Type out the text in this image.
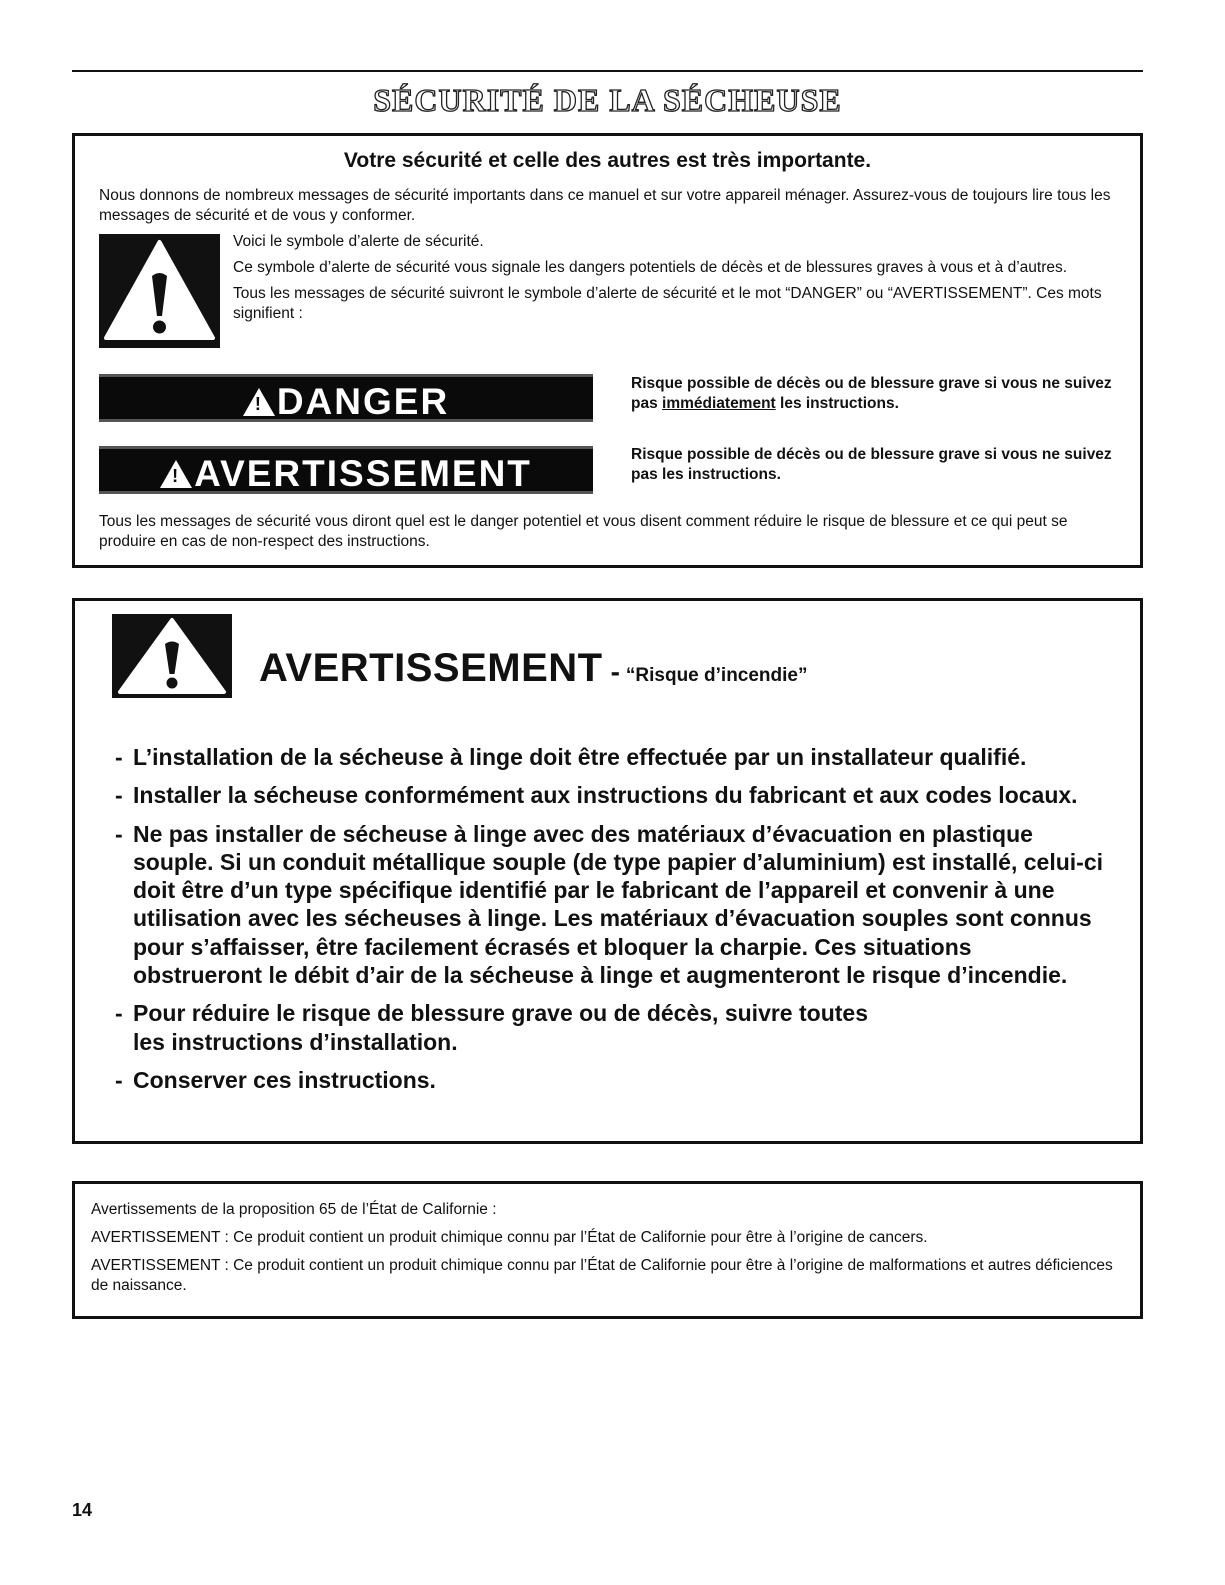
SÉCURITÉ DE LA SÉCHEUSE
Votre sécurité et celle des autres est très importante.
Nous donnons de nombreux messages de sécurité importants dans ce manuel et sur votre appareil ménager. Assurez-vous de toujours lire tous les messages de sécurité et de vous y conformer.

Voici le symbole d’alerte de sécurité.

Ce symbole d’alerte de sécurité vous signale les dangers potentiels de décès et de blessures graves à vous et à d’autres.

Tous les messages de sécurité suivront le symbole d’alerte de sécurité et le mot “DANGER” ou “AVERTISSEMENT”. Ces mots signifient :

!DANGER	Risque possible de décès ou de blessure grave si vous ne suivez pas immédiatement les instructions.
!AVERTISSEMENT	Risque possible de décès ou de blessure grave si vous ne suivez pas les instructions.
Tous les messages de sécurité vous diront quel est le danger potentiel et vous disent comment réduire le risque de blessure et ce qui peut se produire en cas de non-respect des instructions.
AVERTISSEMENT - “Risque d’incendie”
- L’installation de la sécheuse à linge doit être effectuée par un installateur qualifié.
- Installer la sécheuse conformément aux instructions du fabricant et aux codes locaux.
- Ne pas installer de sécheuse à linge avec des matériaux d’évacuation en plastique souple. Si un conduit métallique souple (de type papier d’aluminium) est installé, celui-ci doit être d’un type spécifique identifié par le fabricant de l’appareil et convenir à une utilisation avec les sécheuses à linge. Les matériaux d’évacuation souples sont connus pour s’affaisser, être facilement écrasés et bloquer la charpie. Ces situations obstrueront le débit d’air de la sécheuse à linge et augmenteront le risque d’incendie.
- Pour réduire le risque de blessure grave ou de décès, suivre toutes les instructions d’installation.
- Conserver ces instructions.

Avertissements de la proposition 65 de l’État de Californie :

AVERTISSEMENT : Ce produit contient un produit chimique connu par l’État de Californie pour être à l’origine de cancers.

AVERTISSEMENT : Ce produit contient un produit chimique connu par l’État de Californie pour être à l’origine de malformations et autres déficiences de naissance.

14
